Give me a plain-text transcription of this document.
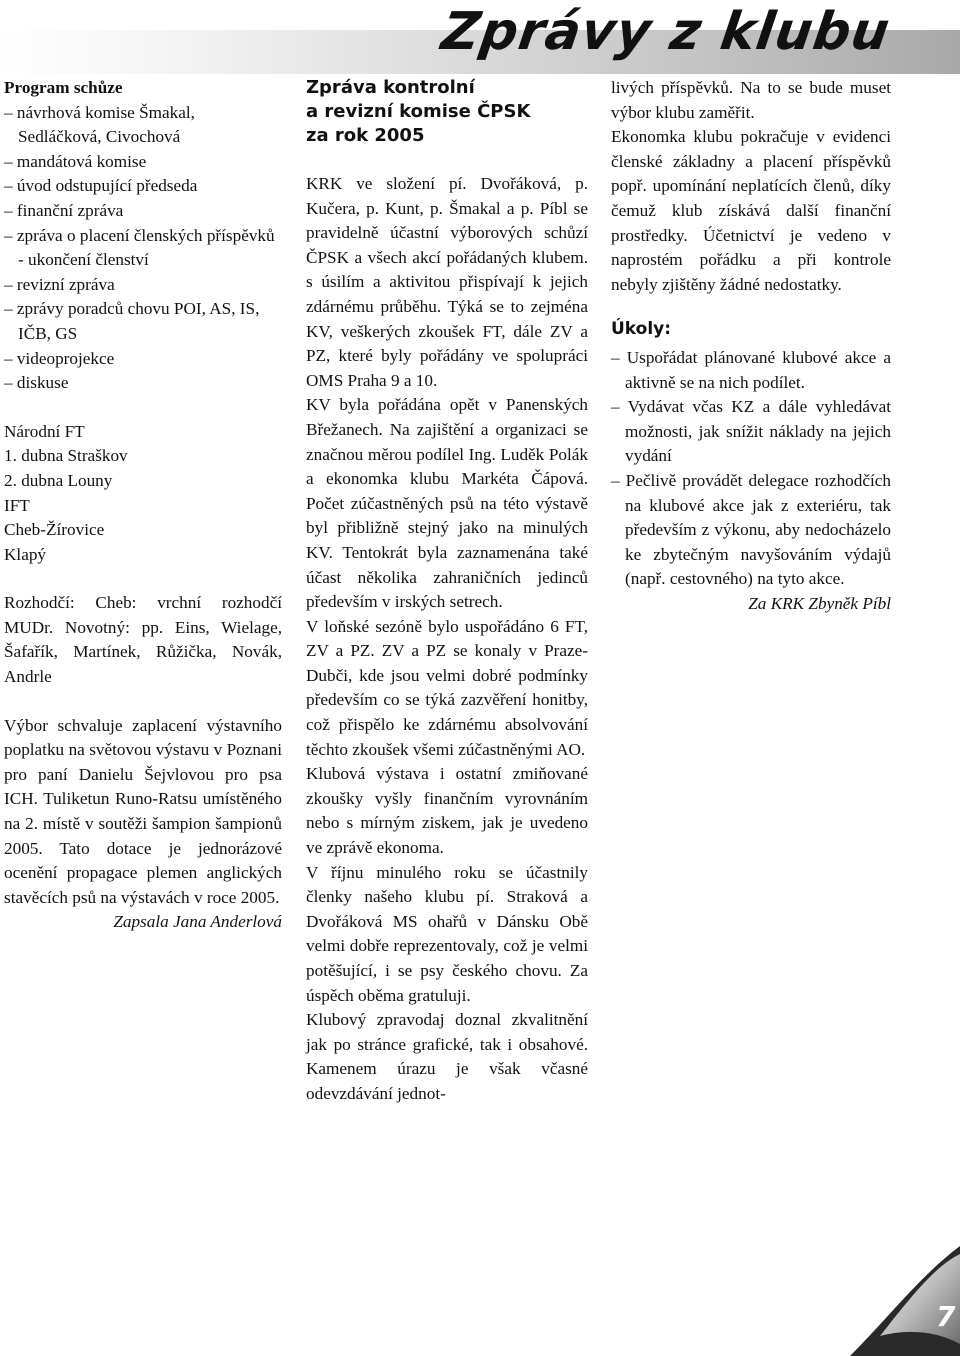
Zprávy z klubu

Program schůze

– návrhová komise Šmakal, Sedláčková, Civochová

– mandátová komise

– úvod odstupující předseda

– finanční zpráva

– zpráva o placení členských příspěvků - ukončení členství

– revizní zpráva

– zprávy poradců chovu POI, AS, IS, IČB, GS

– videoprojekce

– diskuse

Národní FT

1. dubna Straškov

2. dubna Louny

IFT

Cheb-Žírovice

Klapý

Rozhodčí: Cheb: vrchní rozhodčí MUDr. Novotný: pp. Eins, Wielage, Šafařík, Martínek, Růžička, Novák, Andrle

Výbor schvaluje zaplacení výstavního poplatku na světovou výstavu v Poznani pro paní Danielu Šejvlovou pro psa ICH. Tuliketun Runo-Ratsu umístěného na 2. místě v soutěži šampion šampionů 2005. Tato dotace je jednorázové ocenění propagace plemen anglických stavěcích psů na výstavách v roce 2005.

Zapsala Jana Anderlová

Zpráva kontrolní
a revizní komise ČPSK
za rok 2005

KRK ve složení pí. Dvořáková, p. Kučera, p. Kunt, p. Šmakal a p. Píbl se pravidelně účastní výborových schůzí ČPSK a všech akcí pořádaných klubem. s úsilím a aktivitou přispívají k jejich zdárnému průběhu. Týká se to zejména KV, veškerých zkoušek FT, dále ZV a PZ, které byly pořádány ve spolupráci OMS Praha 9 a 10.

KV byla pořádána opět v Panenských Břežanech. Na zajištění a organizaci se značnou měrou podílel Ing. Luděk Polák a ekonomka klubu Markéta Čápová. Počet zúčastněných psů na této výstavě byl přibližně stejný jako na minulých KV. Tentokrát byla zaznamenána také účast několika zahraničních jedinců především v irských setrech.

V loňské sezóně bylo uspořádáno 6 FT, ZV a PZ. ZV a PZ se konaly v Praze-Dubči, kde jsou velmi dobré podmínky především co se týká zazvěření honitby, což přispělo ke zdárnému absolvování těchto zkoušek všemi zúčastněnými AO.

Klubová výstava i ostatní zmiňované zkoušky vyšly finančním vyrovnáním nebo s mírným ziskem, jak je uvedeno ve zprávě ekonoma.

V říjnu minulého roku se účastnily členky našeho klubu pí. Straková a Dvořáková MS ohařů v Dánsku Obě velmi dobře reprezentovaly, což je velmi potěšující, i se psy českého chovu. Za úspěch oběma gratuluji.

Klubový zpravodaj doznal zkvalitnění jak po stránce grafické, tak i obsahové. Kamenem úrazu je však včasné odevzdávání jednot-

livých příspěvků. Na to se bude muset výbor klubu zaměřit.

Ekonomka klubu pokračuje v evidenci členské základny a placení příspěvků popř. upomínání neplatících členů, díky čemuž klub získává další finanční prostředky. Účetnictví je vedeno v naprostém pořádku a při kontrole nebyly zjištěny žádné nedostatky.

Úkoly:
– Uspořádat plánované klubové akce a aktivně se na nich podílet.
– Vydávat včas KZ a dále vyhledávat možnosti, jak snížit náklady na jejich vydání
– Pečlivě provádět delegace rozhodčích na klubové akce jak z exteriéru, tak především z výkonu, aby nedocházelo ke zbytečným navyšováním výdajů (např. cestovného) na tyto akce.

Za KRK Zbyněk Píbl

7
